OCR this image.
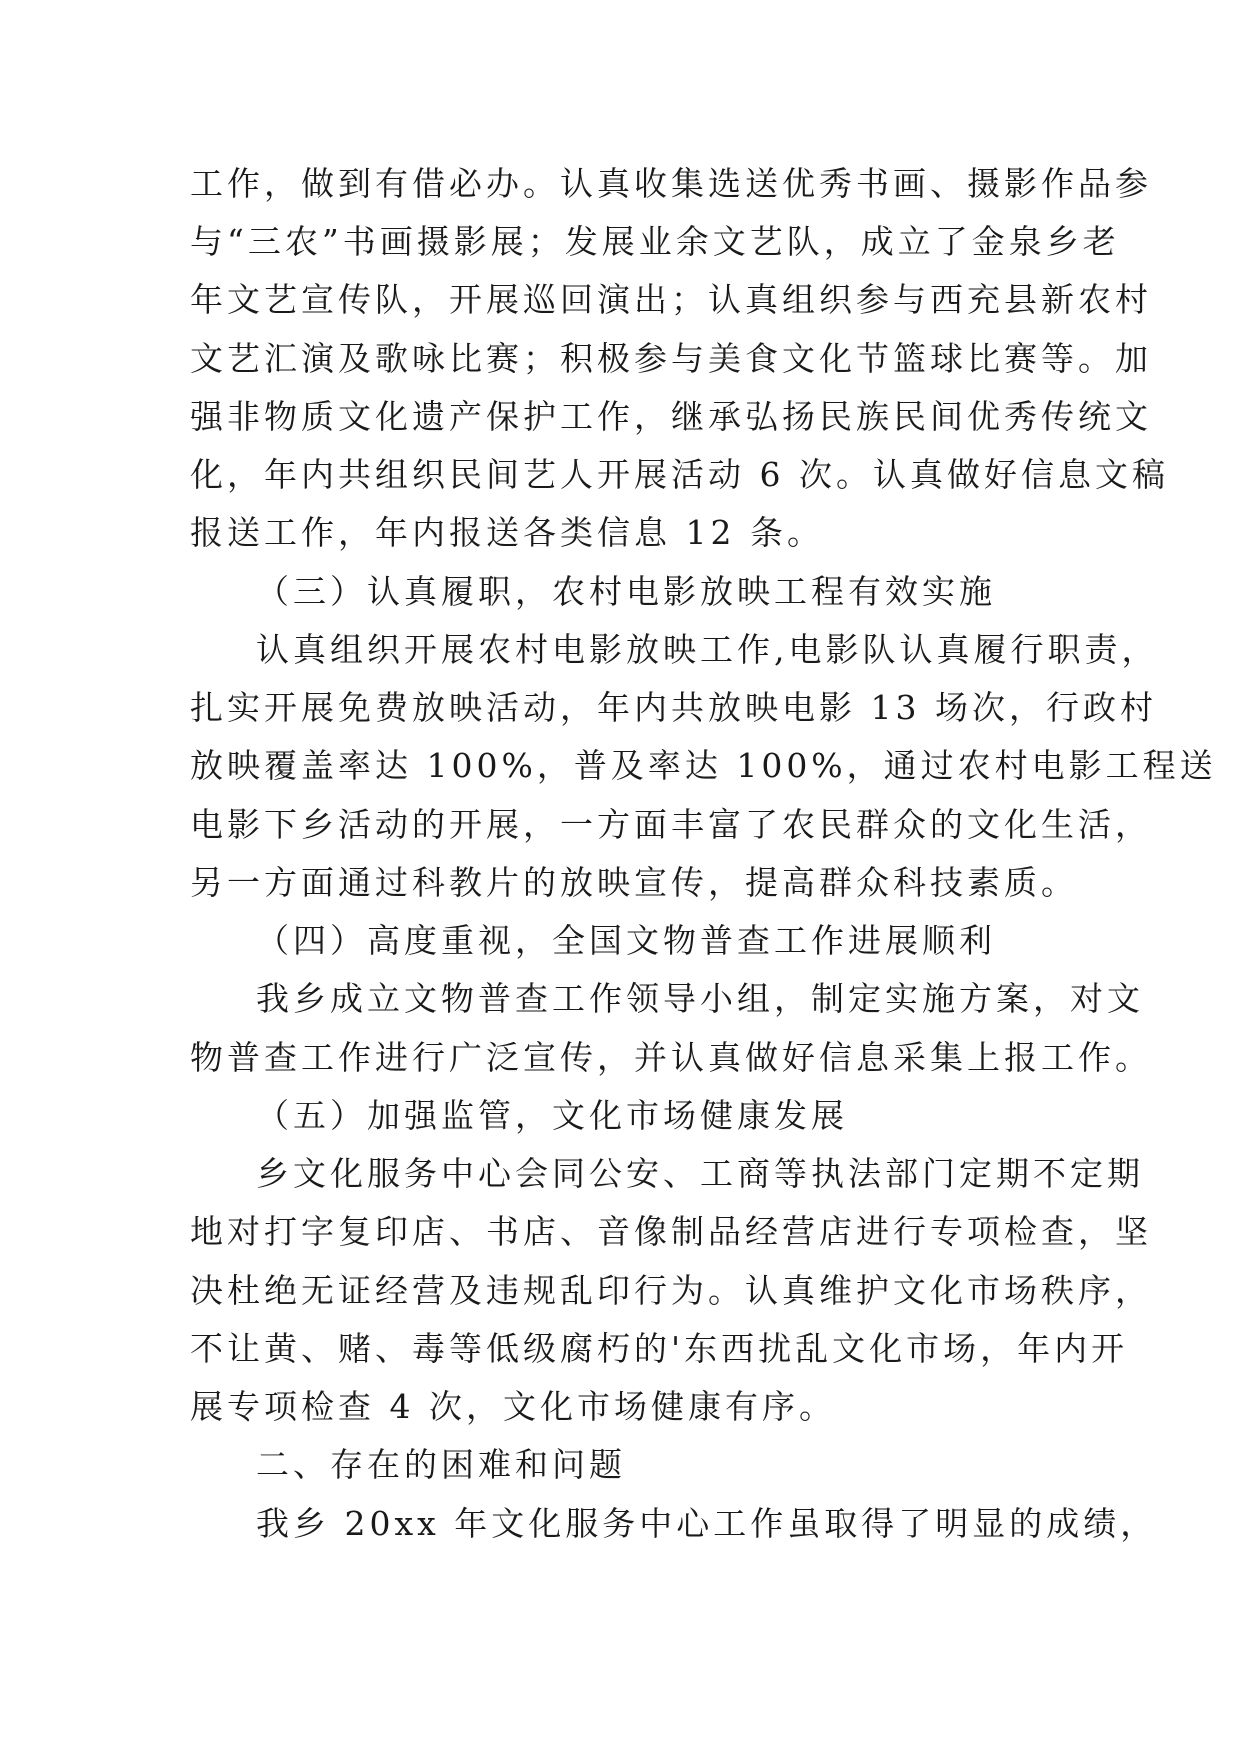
工作，做到有借必办。认真收集选送优秀书画、摄影作品参
与“三农”书画摄影展；发展业余文艺队，成立了金泉乡老
年文艺宣传队，开展巡回演出；认真组织参与西充县新农村
文艺汇演及歌咏比赛；积极参与美食文化节篮球比赛等。加
强非物质文化遗产保护工作，继承弘扬民族民间优秀传统文
化，年内共组织民间艺人开展活动 6 次。认真做好信息文稿
报送工作，年内报送各类信息 12 条。
（三）认真履职，农村电影放映工程有效实施
认真组织开展农村电影放映工作,电影队认真履行职责，
扎实开展免费放映活动，年内共放映电影 13 场次，行政村
放映覆盖率达 100%，普及率达 100%，通过农村电影工程送
电影下乡活动的开展，一方面丰富了农民群众的文化生活，
另一方面通过科教片的放映宣传，提高群众科技素质。
（四）高度重视，全国文物普查工作进展顺利
我乡成立文物普查工作领导小组，制定实施方案，对文
物普查工作进行广泛宣传，并认真做好信息采集上报工作。
（五）加强监管，文化市场健康发展
乡文化服务中心会同公安、工商等执法部门定期不定期
地对打字复印店、书店、音像制品经营店进行专项检查，坚
决杜绝无证经营及违规乱印行为。认真维护文化市场秩序，
不让黄、赌、毒等低级腐朽的'东西扰乱文化市场，年内开
展专项检查 4 次，文化市场健康有序。
二、存在的困难和问题
我乡 20xx 年文化服务中心工作虽取得了明显的成绩，
